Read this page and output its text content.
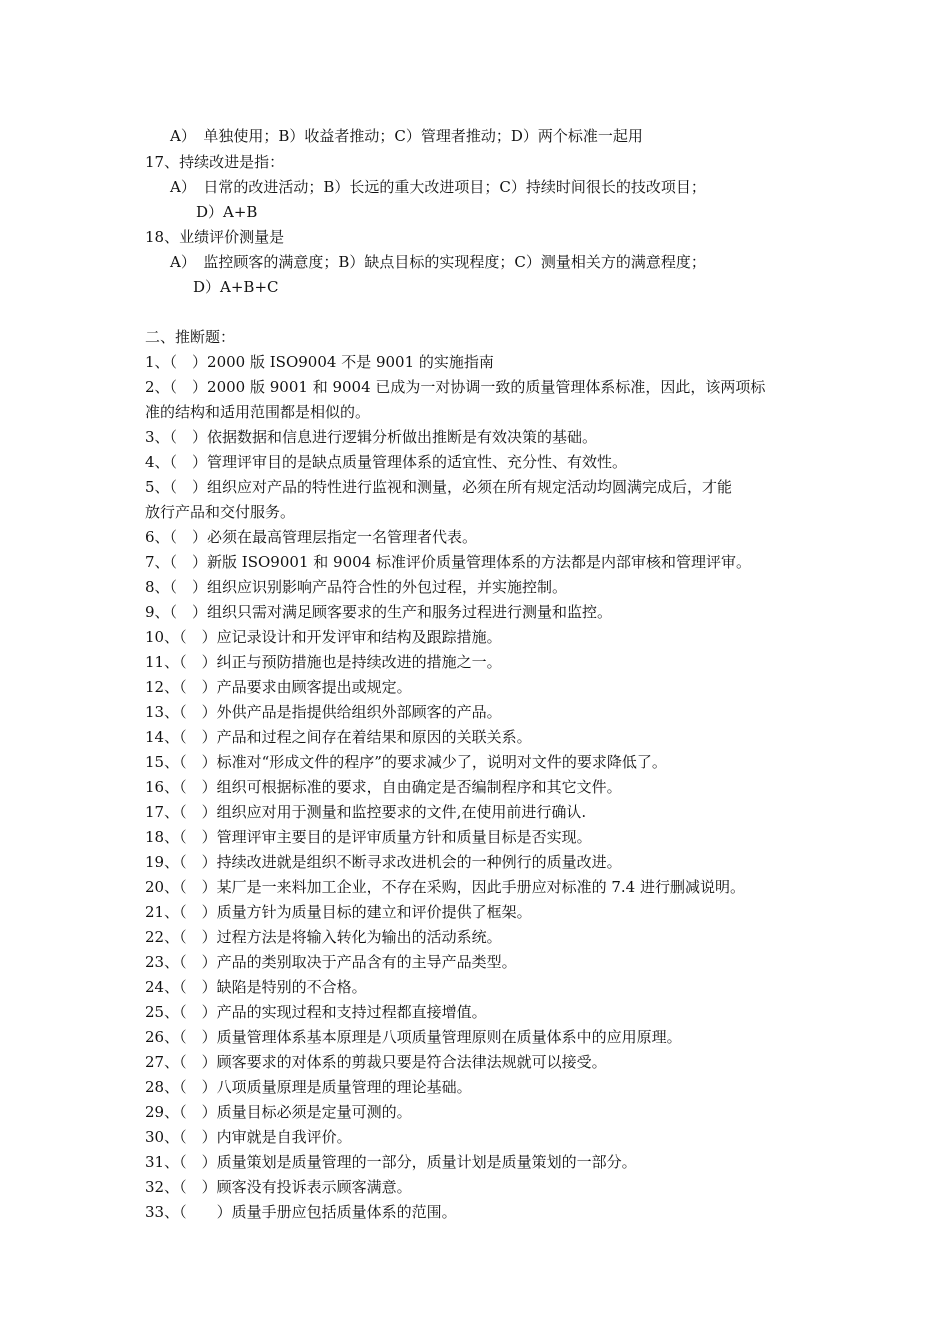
A）　单独使用；B）收益者推动；C）管理者推动；D）两个标准一起用
17、持续改进是指：
A）　日常的改进活动；B）长远的重大改进项目；C）持续时间很长的技改项目；
D）A+B
18、业绩评价测量是
A）　监控顾客的满意度；B）缺点目标的实现程度；C）测量相关方的满意程度；
D）A+B+C
二、推断题：
1、（　）2000 版 ISO9004 不是 9001 的实施指南
2、（　）2000 版 9001 和 9004 已成为一对协调一致的质量管理体系标准，因此，该两项标
准的结构和适用范围都是相似的。
3、（　）依据数据和信息进行逻辑分析做出推断是有效决策的基础。
4、（　）管理评审目的是缺点质量管理体系的适宜性、充分性、有效性。
5、（　）组织应对产品的特性进行监视和测量，必须在所有规定活动均圆满完成后，才能
放行产品和交付服务。
6、（　）必须在最高管理层指定一名管理者代表。
7、（　）新版 ISO9001 和 9004 标准评价质量管理体系的方法都是内部审核和管理评审。
8、（　）组织应识别影响产品符合性的外包过程，并实施控制。
9、（　）组织只需对满足顾客要求的生产和服务过程进行测量和监控。
10、（　）应记录设计和开发评审和结构及跟踪措施。
11、（　）纠正与预防措施也是持续改进的措施之一。
12、（　）产品要求由顾客提出或规定。
13、（　）外供产品是指提供给组织外部顾客的产品。
14、（　）产品和过程之间存在着结果和原因的关联关系。
15、（　）标准对“形成文件的程序”的要求减少了，说明对文件的要求降低了。
16、（　）组织可根据标准的要求，自由确定是否编制程序和其它文件。
17、（　）组织应对用于测量和监控要求的文件,在使用前进行确认.
18、（　）管理评审主要目的是评审质量方针和质量目标是否实现。
19、（　）持续改进就是组织不断寻求改进机会的一种例行的质量改进。
20、（　）某厂是一来料加工企业，不存在采购，因此手册应对标准的 7.4 进行删减说明。
21、（　）质量方针为质量目标的建立和评价提供了框架。
22、（　）过程方法是将输入转化为输出的活动系统。
23、（　）产品的类别取决于产品含有的主导产品类型。
24、（　）缺陷是特别的不合格。
25、（　）产品的实现过程和支持过程都直接增值。
26、（　）质量管理体系基本原理是八项质量管理原则在质量体系中的应用原理。
27、（　）顾客要求的对体系的剪裁只要是符合法律法规就可以接受。
28、（　）八项质量原理是质量管理的理论基础。
29、（　）质量目标必须是定量可测的。
30、（　）内审就是自我评价。
31、（　）质量策划是质量管理的一部分，质量计划是质量策划的一部分。
32、（　）顾客没有投诉表示顾客满意。
33、（　　）质量手册应包括质量体系的范围。
